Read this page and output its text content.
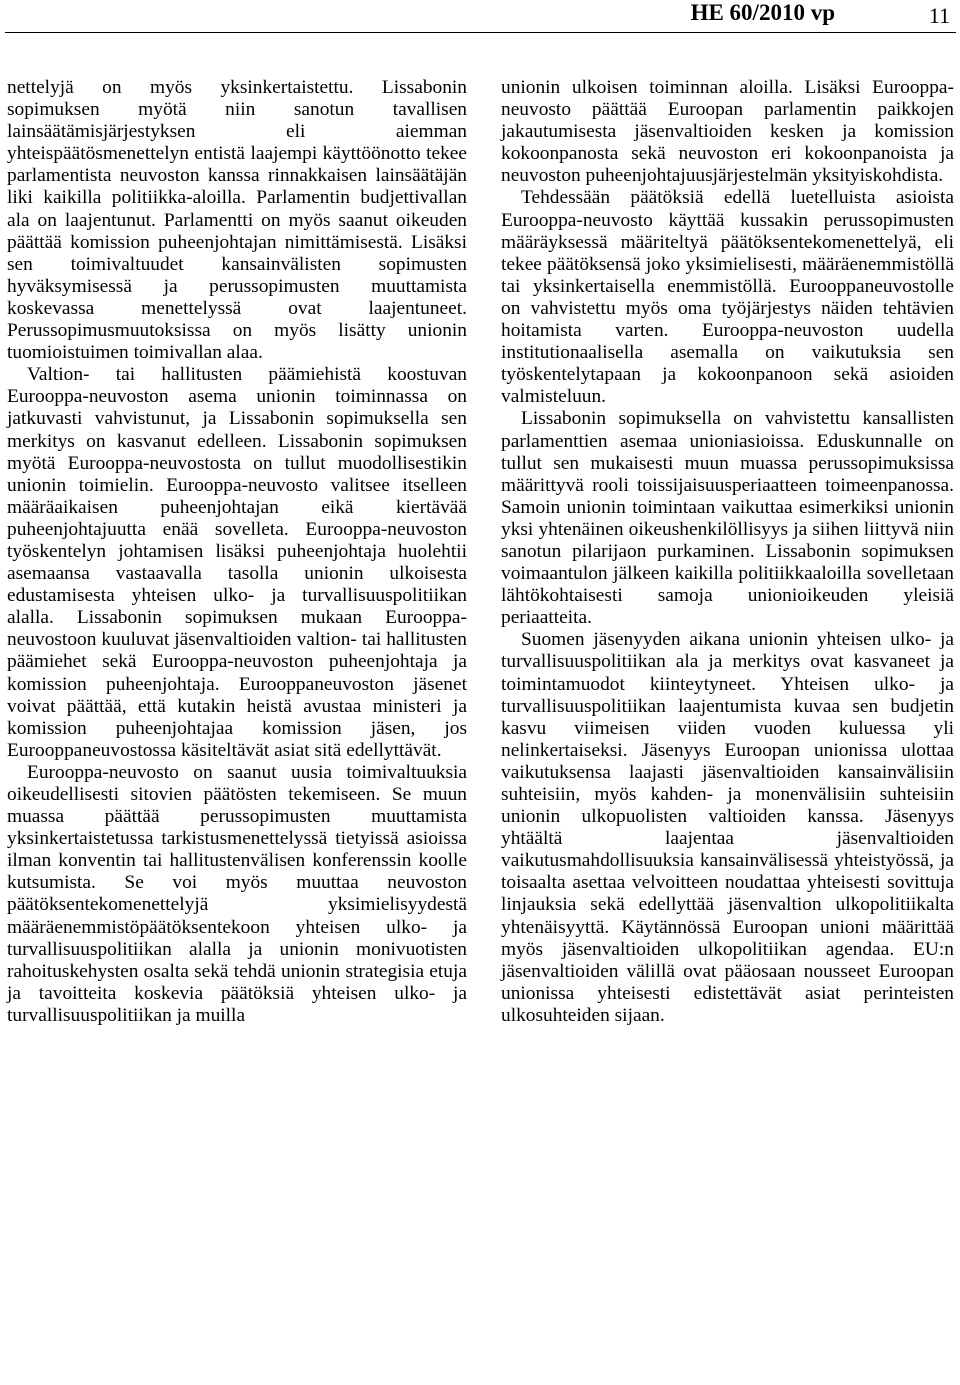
HE 60/2010 vp	11

nettelyjä on myös yksinkertaistettu. Lissabonin sopimuksen myötä niin sanotun tavallisen lainsäätämisjärjestyksen eli aiemman yhteispäätösmenettelyn entistä laajempi käyttöönotto tekee parlamentista neuvoston kanssa rinnakkaisen lainsäätäjän liki kaikilla politiikka-aloilla. Parlamentin budjettivallan ala on laajentunut. Parlamentti on myös saanut oikeuden päättää komission puheenjohtajan nimittämisestä. Lisäksi sen toimivaltuudet kansainvälisten sopimusten hyväksymisessä ja perussopimusten muuttamista koskevassa menettelyssä ovat laajentuneet. Perussopimusmuutoksissa on myös lisätty unionin tuomioistuimen toimivallan alaa.

Valtion- tai hallitusten päämiehistä koostuvan Eurooppa-neuvoston asema unionin toiminnassa on jatkuvasti vahvistunut, ja Lissabonin sopimuksella sen merkitys on kasvanut edelleen. Lissabonin sopimuksen myötä Eurooppa-neuvostosta on tullut muodollisestikin unionin toimielin. Eurooppa-neuvosto valitsee itselleen määräaikaisen puheenjohtajan eikä kiertävää puheenjohtajuutta enää sovelleta. Eurooppa-neuvoston työskentelyn johtamisen lisäksi puheenjohtaja huolehtii asemaansa vastaavalla tasolla unionin ulkoisesta edustamisesta yhteisen ulko- ja turvallisuuspolitiikan alalla. Lissabonin sopimuksen mukaan Eurooppa-neuvostoon kuuluvat jäsenvaltioiden valtion- tai hallitusten päämiehet sekä Eurooppa-neuvoston puheenjohtaja ja komission puheenjohtaja. Eurooppaneuvoston jäsenet voivat päättää, että kutakin heistä avustaa ministeri ja komission puheenjohtajaa komission jäsen, jos Eurooppaneuvostossa käsiteltävät asiat sitä edellyttävät.

Eurooppa-neuvosto on saanut uusia toimivaltuuksia oikeudellisesti sitovien päätösten tekemiseen. Se muun muassa päättää perussopimusten muuttamista yksinkertaistetussa tarkistusmenettelyssä tietyissä asioissa ilman konventin tai hallitustenvälisen konferenssin koolle kutsumista. Se voi myös muuttaa neuvoston päätöksentekomenettelyjä yksimielisyydestä määräenemmistöpäätöksentekoon yhteisen ulko- ja turvallisuuspolitiikan alalla ja unionin monivuotisten rahoituskehysten osalta sekä tehdä unionin strategisia etuja ja tavoitteita koskevia päätöksiä yhteisen ulko- ja turvallisuuspolitiikan ja muilla

unionin ulkoisen toiminnan aloilla. Lisäksi Eurooppa-neuvosto päättää Euroopan parlamentin paikkojen jakautumisesta jäsenvaltioiden kesken ja komission kokoonpanosta sekä neuvoston eri kokoonpanoista ja neuvoston puheenjohtajuusjärjestelmän yksityiskohdista.

Tehdessään päätöksiä edellä luetelluista asioista Eurooppa-neuvosto käyttää kussakin perussopimusten määräyksessä määriteltyä päätöksentekomenettelyä, eli tekee päätöksensä joko yksimielisesti, määräenemmistöllä tai yksinkertaisella enemmistöllä. Eurooppaneuvostolle on vahvistettu myös oma työjärjestys näiden tehtävien hoitamista varten. Eurooppa-neuvoston uudella institutionaalisella asemalla on vaikutuksia sen työskentelytapaan ja kokoonpanoon sekä asioiden valmisteluun.

Lissabonin sopimuksella on vahvistettu kansallisten parlamenttien asemaa unioniasioissa. Eduskunnalle on tullut sen mukaisesti muun muassa perussopimuksissa määrittyvä rooli toissijaisuusperiaatteen toimeenpanossa. Samoin unionin toimintaan vaikuttaa esimerkiksi unionin yksi yhtenäinen oikeushenkilöllisyys ja siihen liittyvä niin sanotun pilarijaon purkaminen. Lissabonin sopimuksen voimaantulon jälkeen kaikilla politiikkaaloilla sovelletaan lähtökohtaisesti samoja unionioikeuden yleisiä periaatteita.

Suomen jäsenyyden aikana unionin yhteisen ulko- ja turvallisuuspolitiikan ala ja merkitys ovat kasvaneet ja toimintamuodot kiinteytyneet. Yhteisen ulko- ja turvallisuuspolitiikan laajentumista kuvaa sen budjetin kasvu viimeisen viiden vuoden kuluessa yli nelinkertaiseksi. Jäsenyys Euroopan unionissa ulottaa vaikutuksensa laajasti jäsenvaltioiden kansainvälisiin suhteisiin, myös kahden- ja monenvälisiin suhteisiin unionin ulkopuolisten valtioiden kanssa. Jäsenyys yhtäältä laajentaa jäsenvaltioiden vaikutusmahdollisuuksia kansainvälisessä yhteistyössä, ja toisaalta asettaa velvoitteen noudattaa yhteisesti sovittuja linjauksia sekä edellyttää jäsenvaltion ulkopolitiikalta yhtenäisyyttä. Käytännössä Euroopan unioni määrittää myös jäsenvaltioiden ulkopolitiikan agendaa. EU:n jäsenvaltioiden välillä ovat pääosaan nousseet Euroopan unionissa yhteisesti edistettävät asiat perinteisten ulkosuhteiden sijaan.
